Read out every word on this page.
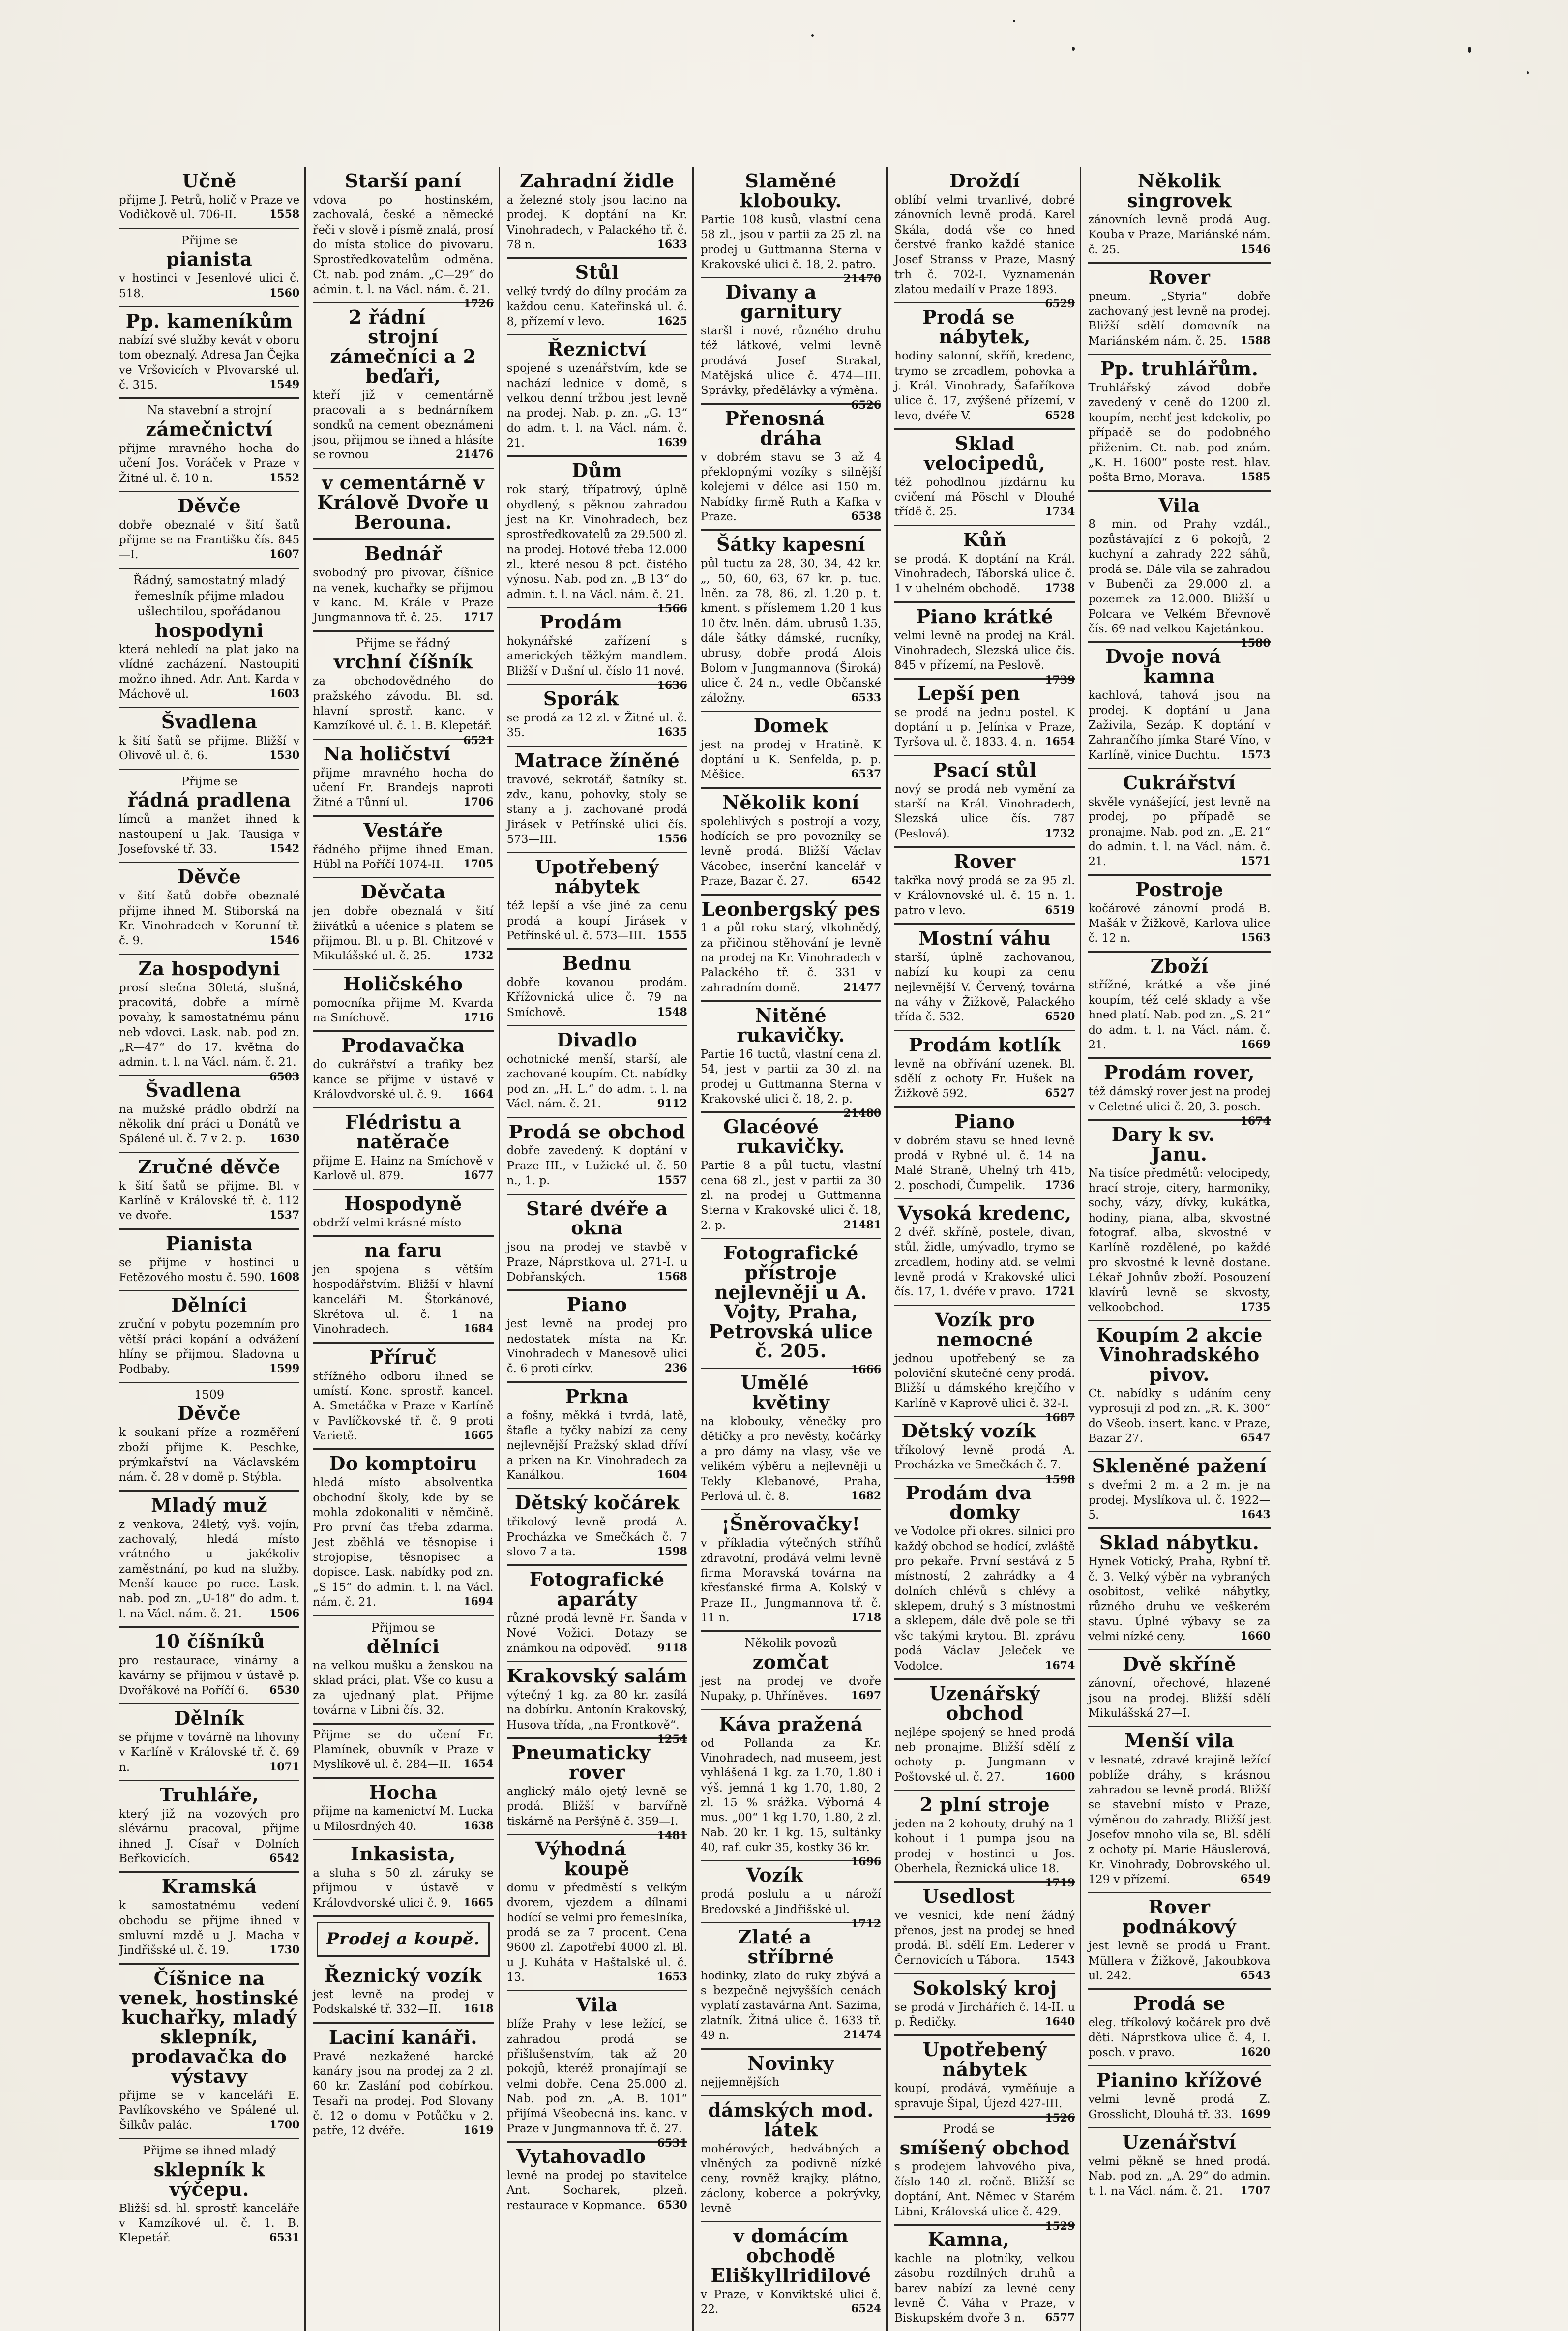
Učně
přijme J. Petrů, holič v Praze ve Vodičkově ul. 706-II.	1558
Přijme se
pianista
v hostinci v Jesenlové ulici č. 518.	1560
Pp. kameníkům
nabízí své služby kevát v oboru tom obeznalý. Adresa Jan Čejka ve Vršovicích v Plvovarské ul. č. 315.	1549
Na stavební a strojní
zámečnictví
přijme mravného hocha do učení Jos. Voráček v Praze v Žitné ul. č. 10 n.	1552
Děvče
dobře obeznalé v šití šatů přijme se na Františku čís. 845—I.	1607
Řádný, samostatný mladý řemeslník přijme mladou ušlechtilou, spořádanou
hospodyni
která nehledí na plat jako na vlídné zacházení. Nastoupiti možno ihned. Adr. Ant. Karda v Máchově ul.	1603
Švadlena
k šití šatů se přijme. Bližší v Olivově ul. č. 6.	1530
Přijme se
řádná pradlena
límců a manžet ihned k nastoupení u Jak. Tausiga v Josefovské tř. 33.	1542
Děvče
v šití šatů dobře obeznalé přijme ihned M. Stiborská na Kr. Vinohradech v Korunní tř. č. 9.	1546
Za hospodyni
prosí slečna 30letá, slušná, pracovitá, dobře a mírně povahy, k samostatnému pánu neb vdovci. Lask. nab. pod zn. „R—47“ do 17. května do admin. t. l. na Václ. nám. č. 21.
6503
Švadlena
na mužské prádlo obdrží na několik dní práci u Donátů ve Spálené ul. č. 7 v 2. p. 1630
Zručné děvče
k šití šatů se přijme. Bl. v Karlíně v Královské tř. č. 112 ve dvoře.	1537
Pianista
se přijme v hostinci u Fetězového mostu č. 590. 1608
Dělníci
zruční v pobytu pozemním pro větší práci kopání a odvážení hlíny se přijmou. Sladovna u Podbaby.	1599
1509
Děvče
k soukaní příze a rozměření zboží přijme K. Peschke, prýmkařství na Václavském nám. č. 28 v domě p. Stýbla.
Mladý muž
z venkova, 24letý, vyš. vojín, zachovalý, hledá místo vrátného u jakékoliv zaměstnání, po kud na služby. Menší kauce po ruce. Lask. nab. pod zn. „U-18“ do adm. t. l. na Václ. nám. č. 21.	1506
10 číšníků
pro restaurace, vinárny a kavárny se přijmou v ústavě p. Dvořákové na Poříčí 6. 6530
Dělník
se přijme v továrně na lihoviny v Karlíně v Královské tř. č. 69 n.	1071
Truhláře,
který již na vozových pro slévárnu pracoval, přijme ihned J. Císař v Dolních Beřkovicích.	6542
Kramská
k samostatnému vedení obchodu se přijme ihned v smluvní mzdě u J. Macha v Jindřišské ul. č. 19.	1730
Číšnice na venek, hostinské kuchařky, mladý sklepník, prodavačka do výstavy
přijme se v kanceláři E. Pavlíkovského ve Spálené ul. Šilkův palác.	1700
Přijme se ihned mladý
sklepník k výčepu.
Bližší sd. hl. sprostř. kanceláře v Kamzíkové ul. č. 1. B. Klepetář.	6531
Starší paní
vdova po hostinském, zachovalá, české a německé řeči v slově i písmě znalá, prosí do místa stolice do pivovaru. Sprostředkovatelům odměna. Ct. nab. pod znám. „C—29“ do admin. t. l. na Václ. nám. č. 21.
1726
2 řádní strojní zámečníci a 2 beďaři,
kteří již v cementárně pracovali a s bednárníkem sondků na cement obeznámeni jsou, přijmou se ihned a hlásíte se rovnou	21476
v cementárně v Králově Dvoře u Berouna.
Bednář
svobodný pro pivovar, číšnice na venek, kuchařky se přijmou v kanc. M. Krále v Praze Jungmannova tř. č. 25. 1717
Přijme se řádný
vrchní číšník
za obchodovědného do pražského závodu. Bl. sd. hlavní sprostř. kanc. v Kamzíkové ul. č. 1. B. Klepetář.
6521
Na holičství
přijme mravného hocha do učení Fr. Brandejs naproti Žitné a Tůnní ul.	1706
Vestáře
řádného přijme ihned Eman. Hübl na Poříčí 1074-II. 1705
Děvčata
jen dobře obeznalá v šití žiivátků a učenice s platem se přijmou. Bl. u p. Bl. Chitzové v Mikulášské ul. č. 25.	1732
Holičského
pomocníka přijme M. Kvarda na Smíchově.	1716
Prodavačka
do cukrářství a trafiky bez kance se přijme v ústavě v Královdvorské ul. č. 9. 1664
Flédristu a natěrače
přijme E. Hainz na Smíchově v Karlově ul. 879.	1677
Hospodyně
obdrží velmi krásné místo
na faru
jen spojena s větším hospodářstvím. Bližší v hlavní kanceláři M. Štorkánové, Skrétova ul. č. 1 na Vinohradech.	1684
Příruč
střížného odboru ihned se umístí. Konc. sprostř. kancel. A. Smetáčka v Praze v Karlíně v Pavlíčkovské tř. č. 9 proti Varietě.	1665
Do komptoiru
hledá místo absolventka obchodní školy, kde by se mohla zdokonaliti v němčině. Pro první čas třeba zdarma. Jest zběhlá ve těsnopise i strojopise, těsnopisec a dopisce. Lask. nabídky pod zn. „S 15“ do admin. t. l. na Václ. nám. č. 21.	1694
Přijmou se
dělníci
na velkou mušku a ženskou na sklad práci, plat. Vše co kusu a za ujednaný plat. Přijme továrna v Libni čís. 32.
Přijme se do učení Fr. Plamínek, obuvník v Praze v Myslíkově ul. č. 284—II. 1654
Hocha
přijme na kamenictví M. Lucka u Milosrdných 40.	1638
Inkasista,
a sluha s 50 zl. záruky se přijmou v ústavě v Královdvorské ulici č. 9. 1665
Prodej a koupě.
Řeznický vozík
jest levně na prodej v Podskalské tř. 332—II. 1618
Laciní kanáři.
Pravé nezkažené harcké kanáry jsou na prodej za 2 zl. 60 kr. Zaslání pod dobírkou. Tesaři na prodej. Pod Slovany č. 12 o domu v Potůčku v 2. patře, 12 dvéře.	1619
Zahradní židle
a železné stoly jsou lacino na prodej. K doptání na Kr. Vinohradech, v Palackého tř. č. 78 n.	1633
Stůl
velký tvrdý do dílny prodám za každou cenu. Kateřinská ul. č. 8, přízemí v levo.	1625
Řeznictví
spojené s uzenářstvím, kde se nachází lednice v domě, s velkou denní tržbou jest levně na prodej. Nab. p. zn. „G. 13“ do adm. t. l. na Václ. nám. č. 21.	1639
Dům
rok starý, třípatrový, úplně obydlený, s pěknou zahradou jest na Kr. Vinohradech, bez sprostředkovatelů za 29.500 zl. na prodej. Hotové třeba 12.000 zl., které nesou 8 pct. čistého výnosu. Nab. pod zn. „B 13“ do admin. t. l. na Václ. nám. č. 21.
1566
Prodám
hokynářské zařízení s amerických těžkým mandlem. Bližší v Dušní ul. číslo 11 nové.
1636
Sporák
se prodá za 12 zl. v Žitné ul. č. 35.	1635
Matrace žíněné
travové, sekrotář, šatníky st. zdv., kanu, pohovky, stoly se stany a j. zachované prodá Jirásek v Petřínské ulici čís. 573—III.	1556
Upotřebený nábytek
též lepší a vše jiné za cenu prodá a koupí Jirásek v Petřínské ul. č. 573—III. 1555
Bednu
dobře kovanou prodám. Křížovnická ulice č. 79 na Smíchově.	1548
Divadlo
ochotnické menší, starší, ale zachované koupím. Ct. nabídky pod zn. „H. L.“ do adm. t. l. na Václ. nám. č. 21.	9112
Prodá se obchod
dobře zavedený. K doptání v Praze III., v Lužické ul. č. 50 n., 1. p.	1557
Staré dvéře a okna
jsou na prodej ve stavbě v Praze, Náprstkova ul. 271-I. u Dobřanských.	1568
Piano
jest levně na prodej pro nedostatek místa na Kr. Vinohradech v Manesově ulici č. 6 proti církv.	236
Prkna
a fošny, měkká i tvrdá, latě, štafle a tyčky nabízí za ceny nejlevnější Pražský sklad dříví a prken na Kr. Vinohradech za Kanálkou.	1604
Dětský kočárek
třikolový levně prodá A. Procházka ve Smečkách č. 7 slovo 7 a ta.	1598
Fotografické aparáty
různé prodá levně Fr. Šanda v Nové Vožici. Dotazy se známkou na odpověď. 9118
Krakovský salám
výtečný 1 kg. za 80 kr. zasílá na dobírku. Antonín Krakovský, Husova třída, „na Frontkově“.
1254
Pneumaticky rover
anglický málo ojetý levně se prodá. Bližší v barvířně tiskárně na Peršýně č. 359—I.
1481
Výhodná koupě
domu v předměstí s velkým dvorem, vjezdem a dílnami hodící se velmi pro řemeslníka, prodá se za 7 procent. Cena 9600 zl. Zapotřebí 4000 zl. Bl. u J. Kuháta v Haštalské ul. č. 13.	1653
Vila
blíže Prahy v lese ležící, se zahradou prodá se přišlušenstvím, tak až 20 pokojů, kteréž pronajímají se velmi dobře. Cena 25.000 zl. Nab. pod zn. „A. B. 101“ přijímá Všeobecná ins. kanc. v Praze v Jungmannova tř. č. 27.
6531
Vytahovadlo
levně na prodej po stavitelce Ant. Socharek, plzeň. restaurace v Kopmance. 6530
Slaměné klobouky.
Partie 108 kusů, vlastní cena 58 zl., jsou v partii za 25 zl. na prodej u Guttmanna Sterna v Krakovské ulici č. 18, 2. patro.
21470
Divany a garnitury
staršl i nové, různého druhu též látkové, velmi levně prodává Josef Strakal, Matějská ulice č. 474—III. Správky, předělávky a výměna.
6526
Přenosná dráha
v dobrém stavu se 3 až 4 překlopnými vozíky s silnější kolejemi v délce asi 150 m. Nabídky firmě Ruth a Kafka v Praze.	6538
Šátky kapesní
půl tuctu za 28, 30, 34, 42 kr. „, 50, 60, 63, 67 kr. p. tuc. lněn. za 78, 86, zl. 1.20 p. t. kment. s příslemem 1.20 1 kus 10 čtv. lněn. dám. ubrusů 1.35, dále šátky dámské, rucníky, ubrusy, dobře prodá Alois Bolom v Jungmannova (Široká) ulice č. 24 n., vedle Občanské záložny.	6533
Domek
jest na prodej v Hratině. K doptání u K. Senfelda, p. p. Měšice.	6537
Několik koní
spolehlivých s postrojí a vozy, hodících se pro povozníky se levně prodá. Bližší Václav Vácobec, inserční kancelář v Praze, Bazar č. 27.	6542
Leonbergský pes
1 a půl roku starý, vlkohnědý, za přičinou stěhování je levně na prodej na Kr. Vinohradech v Palackého tř. č. 331 v zahradním domě.	21477
Nitěné rukavičky.
Partie 16 tuctů, vlastní cena zl. 54, jest v partii za 30 zl. na prodej u Guttmanna Sterna v Krakovské ulici č. 18, 2. p.
21480
Glacéové rukavičky.
Partie 8 a půl tuctu, vlastní cena 68 zl., jest v partii za 30 zl. na prodej u Guttmanna Sterna v Krakovské ulici č. 18, 2. p.	21481
Fotografické přístroje nejlevněji u A. Vojty, Praha, Petrovská ulice č. 205.
1666
Umělé květiny
na klobouky, věnečky pro dětičky a pro nevěsty, kočárky a pro dámy na vlasy, vše ve velikém výběru a nejlevněji u Tekly Klebanové, Praha, Perlová ul. č. 8.	1682
¡Šněrovačky!
v příkladia výtečných stříhů zdravotní, prodává velmi levně firma Moravská továrna na křesťanské firma A. Kolský v Praze II., Jungmannova tř. č. 11 n.	1718
Několik povozů
zomčat
jest na prodej ve dvoře Nupaky, p. Uhříněves. 1697
Káva pražená
od Pollanda za Kr. Vinohradech, nad museem, jest vyhlášená 1 kg. za 1.70, 1.80 i výš. jemná 1 kg 1.70, 1.80, 2 zl. 15 % srážka. Výborná 4 mus. „00“ 1 kg 1.70, 1.80, 2 zl. Nab. 20 kr. 1 kg. 15, sultánky 40, raf. cukr 35, kostky 36 kr.
1696
Vozík
prodá poslulu a u nároží Bredovské a Jindřišské ul.
1712
Zlaté a stříbrné
hodinky, zlato do ruky zbývá a s bezpečně nejvyšších cenách vyplatí zastavárna Ant. Sazima, zlatník. Žitná ulice č. 1633 tř. 49 n.	21474
Novinky
nejjemnějších
dámských mod. látek
mohérových, hedvábných a vlněných za podivně nízké ceny, rovněž krajky, plátno, záclony, koberce a pokrývky, levně
v domácím obchodě Eliškyllridilové
v Praze, v Konviktské ulici č. 22.	6524
Droždí
oblíbí velmi trvanlivé, dobré zánovních levně prodá. Karel Skála, dodá vše co hned čerstvé franko každé stanice Josef Stranss v Praze, Masný trh č. 702-I. Vyznamenán zlatou medailí v Praze 1893.
6529
Prodá se nábytek,
hodiny salonní, skříň, kredenc, trymo se zrcadlem, pohovka a j. Král. Vinohrady, Šafaříkova ulice č. 17, zvýšené přízemí, v levo, dvéře V.	6528
Sklad velocipedů,
též pohodlnou jízdárnu ku cvičení má Pöschl v Dlouhé třídě č. 25.	1734
Kůň
se prodá. K doptání na Král. Vinohradech, Táborská ulice č. 1 v uhelném obchodě. 1738
Piano krátké
velmi levně na prodej na Král. Vinohradech, Slezská ulice čís. 845 v přízemí, na Peslově.
1739
Lepší pen
se prodá na jednu postel. K doptání u p. Jelínka v Praze, Tyršova ul. č. 1833. 4. n. 1654
Psací stůl
nový se prodá neb vymění za starší na Král. Vinohradech, Slezská ulice čís. 787 (Peslová).	1732
Rover
takřka nový prodá se za 95 zl. v Královnovské ul. č. 15 n. 1. patro v levo.	6519
Mostní váhu
starší, úplně zachovanou, nabízí ku koupi za cenu nejlevnější V. Červený, továrna na váhy v Žižkově, Palackého třída č. 532.	6520
Prodám kotlík
levně na obřívání uzenek. Bl. sdělí z ochoty Fr. Hušek na Žižkově 592.	6527
Piano
v dobrém stavu se hned levně prodá v Rybné ul. č. 14 na Malé Straně, Uhelný trh 415, 2. poschodí, Čumpelik. 1736
Vysoká kredenc,
2 dvéř. skříně, postele, divan, stůl, židle, umývadlo, trymo se zrcadlem, hodiny atd. se velmi levně prodá v Krakovské ulici čís. 17, 1. dvéře v pravo. 1721
Vozík pro nemocné
jednou upotřebený se za poloviční skutečné ceny prodá. Bližší u dámského krejčího v Karlíně v Kaprově ulici č. 32-I.
1687
Dětský vozík
tříkolový levně prodá A. Procházka ve Smečkách č. 7.
1598
Prodám dva domky
ve Vodolce při okres. silnici pro každý obchod se hodící, zvláště pro pekaře. První sestává z 5 místností, 2 zahrádky a 4 dolních chlévů s chlévy a sklepem, druhý s 3 místnostmi a sklepem, dále dvě pole se tři všc takými krytou. Bl. zprávu podá Václav Jeleček ve Vodolce.	1674
Uzenářský obchod
nejlépe spojený se hned prodá neb pronajme. Bližší sdělí z ochoty p. Jungmann v Poštovské ul. č. 27.	1600
2 plní stroje
jeden na 2 kohouty, druhý na 1 kohout i 1 pumpa jsou na prodej v hostinci u Jos. Oberhela, Řeznická ulice 18.
1719
Usedlost
ve vesnici, kde není žádný přenos, jest na prodej se hned prodá. Bl. sdělí Em. Lederer v Černovicích u Tábora. 1543
Sokolský kroj
se prodá v Jirchářích č. 14-II. u p. Ředičky.	1640
Upotřebený nábytek
koupí, prodává, vyměňuje a spravuje Šipal, Újezd 427-III.
1526
Prodá se
smíšený obchod
s prodejem lahvového piva, číslo 140 zl. ročně. Bližší se doptání, Ant. Němec v Starém Libni, Královská ulice č. 429.
1529
Kamna,
kachle na plotníky, velkou zásobu rozdílných druhů a barev nabízí za levné ceny levně Č. Váha v Praze, v Biskupském dvoře 3 n. 6577
Několik singrovek
zánovních levně prodá Aug. Kouba v Praze, Mariánské nám. č. 25.	1546
Rover
pneum. „Styria“ dobře zachovaný jest levně na prodej. Bližší sdělí domovník na Mariánském nám. č. 25. 1588
Pp. truhlářům.
Truhlářský závod dobře zavedený v ceně do 1200 zl. koupím, nechť jest kdekoliv, po případě se do podobného přiženim. Ct. nab. pod znám. „K. H. 1600“ poste rest. hlav. pošta Brno, Morava.	1585
Vila
8 min. od Prahy vzdál., pozůstávající z 6 pokojů, 2 kuchyní a zahrady 222 sáhů, prodá se. Dále vila se zahradou v Bubenči za 29.000 zl. a pozemek za 12.000. Bližší u Polcara ve Velkém Břevnově čís. 69 nad velkou Kajetánkou.
1580
Dvoje nová kamna
kachlová, tahová jsou na prodej. K doptání u Jana Zaživila, Sezáp. K doptání v Zahrančího jímka Staré Víno, v Karlíně, vinice Duchtu. 1573
Cukrářství
skvěle vynášející, jest levně na prodej, po případě se pronajme. Nab. pod zn. „E. 21“ do admin. t. l. na Václ. nám. č. 21.	1571
Postroje
kočárové zánovní prodá B. Mašák v Žižkově, Karlova ulice č. 12 n.	1563
Zboží
střížné, krátké a vše jiné koupím, též celé sklady a vše hned platí. Nab. pod zn. „S. 21“ do adm. t. l. na Václ. nám. č. 21.	1669
Prodám rover,
též dámský rover jest na prodej v Celetné ulici č. 20, 3. posch.
1674
Dary k sv. Janu.
Na tisíce předmětů: velocipedy, hrací stroje, citery, harmoniky, sochy, vázy, dívky, kukátka, hodiny, piana, alba, skvostné fotograf. alba, skvostné v Karlíně rozdělené, po každé pro skvostné k levně dostane. Lékař Johnův zboží. Posouzení klavírů levně se skvosty, velkoobchod.	1735
Koupím 2 akcie Vinohradského pivov.
Ct. nabídky s udáním ceny vyprosuji zl pod zn. „R. K. 300“ do Všeob. insert. kanc. v Praze, Bazar 27.	6547
Skleněné pažení
s dveřmi 2 m. a 2 m. je na prodej. Myslíkova ul. č. 1922—5.	1643
Sklad nábytku.
Hynek Votický, Praha, Rybní tř. č. 3. Velký výběr na vybraných osobitost, veliké nábytky, různého druhu ve veškerém stavu. Úplné výbavy se za velmi nízké ceny.	1660
Dvě skříně
zánovní, ořechové, hlazené jsou na prodej. Bližší sdělí Mikulášská 27—I.
Menší vila
v lesnaté, zdravé krajině ležící poblíže dráhy, s krásnou zahradou se levně prodá. Bližší se stavební místo v Praze, výměnou do zahrady. Bližší jest Josefov mnoho vila se, Bl. sdělí z ochoty pí. Marie Häuslerová, Kr. Vinohrady, Dobrovského ul. 129 v přízemí.	6549
Rover podnákový
jest levně se prodá u Frant. Müllera v Žižkově, Jakoubkova ul. 242.	6543
Prodá se
eleg. tříkolový kočárek pro dvě děti. Náprstkova ulice č. 4, I. posch. v pravo.	1620
Pianino křížové
velmi levně prodá Z. Grosslicht, Dlouhá tř. 33. 1699
Uzenářství
velmi pěkně se hned prodá. Nab. pod zn. „A. 29“ do admin. t. l. na Václ. nám. č. 21. 1707
